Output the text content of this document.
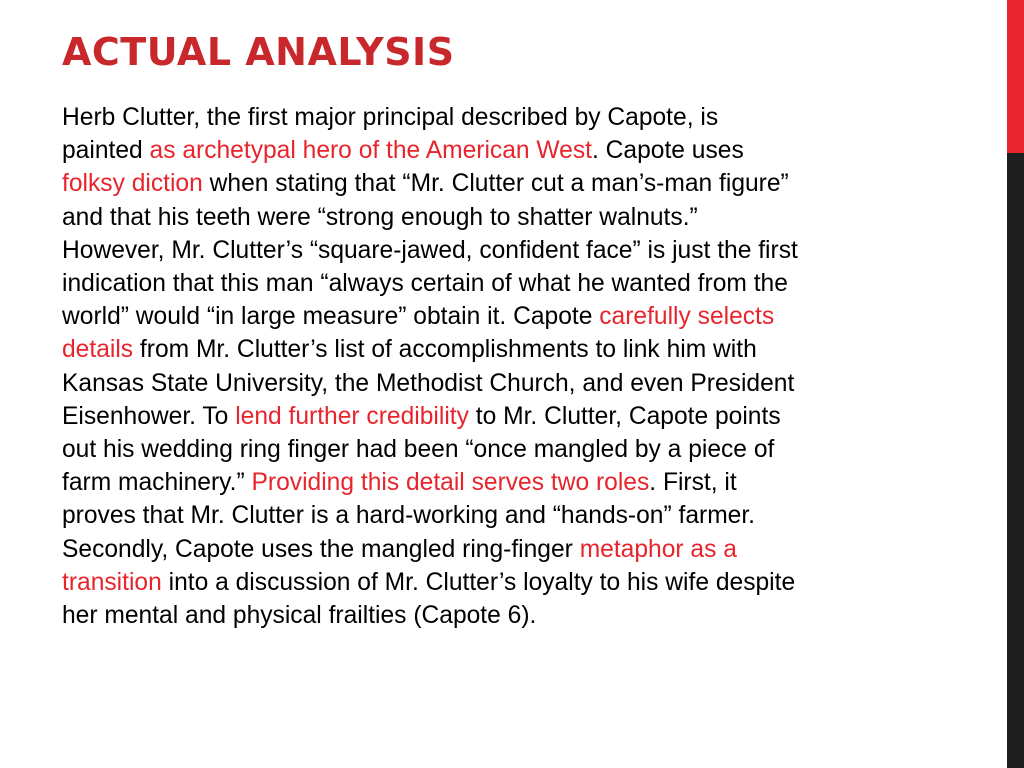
ACTUAL ANALYSIS
Herb Clutter, the first major principal described by Capote, is
painted as archetypal hero of the American West. Capote uses
folksy diction when stating that “Mr. Clutter cut a man’s-man figure”
and that his teeth were “strong enough to shatter walnuts.”
However, Mr. Clutter’s “square-jawed, confident face” is just the first
indication that this man “always certain of what he wanted from the
world” would “in large measure” obtain it. Capote carefully selects
details from Mr. Clutter’s list of accomplishments to link him with
Kansas State University, the Methodist Church, and even President
Eisenhower. To lend further credibility to Mr. Clutter, Capote points
out his wedding ring finger had been “once mangled by a piece of
farm machinery.” Providing this detail serves two roles. First, it
proves that Mr. Clutter is a hard-working and “hands-on” farmer.
Secondly, Capote uses the mangled ring-finger metaphor as a
transition into a discussion of Mr. Clutter’s loyalty to his wife despite
her mental and physical frailties (Capote 6).
